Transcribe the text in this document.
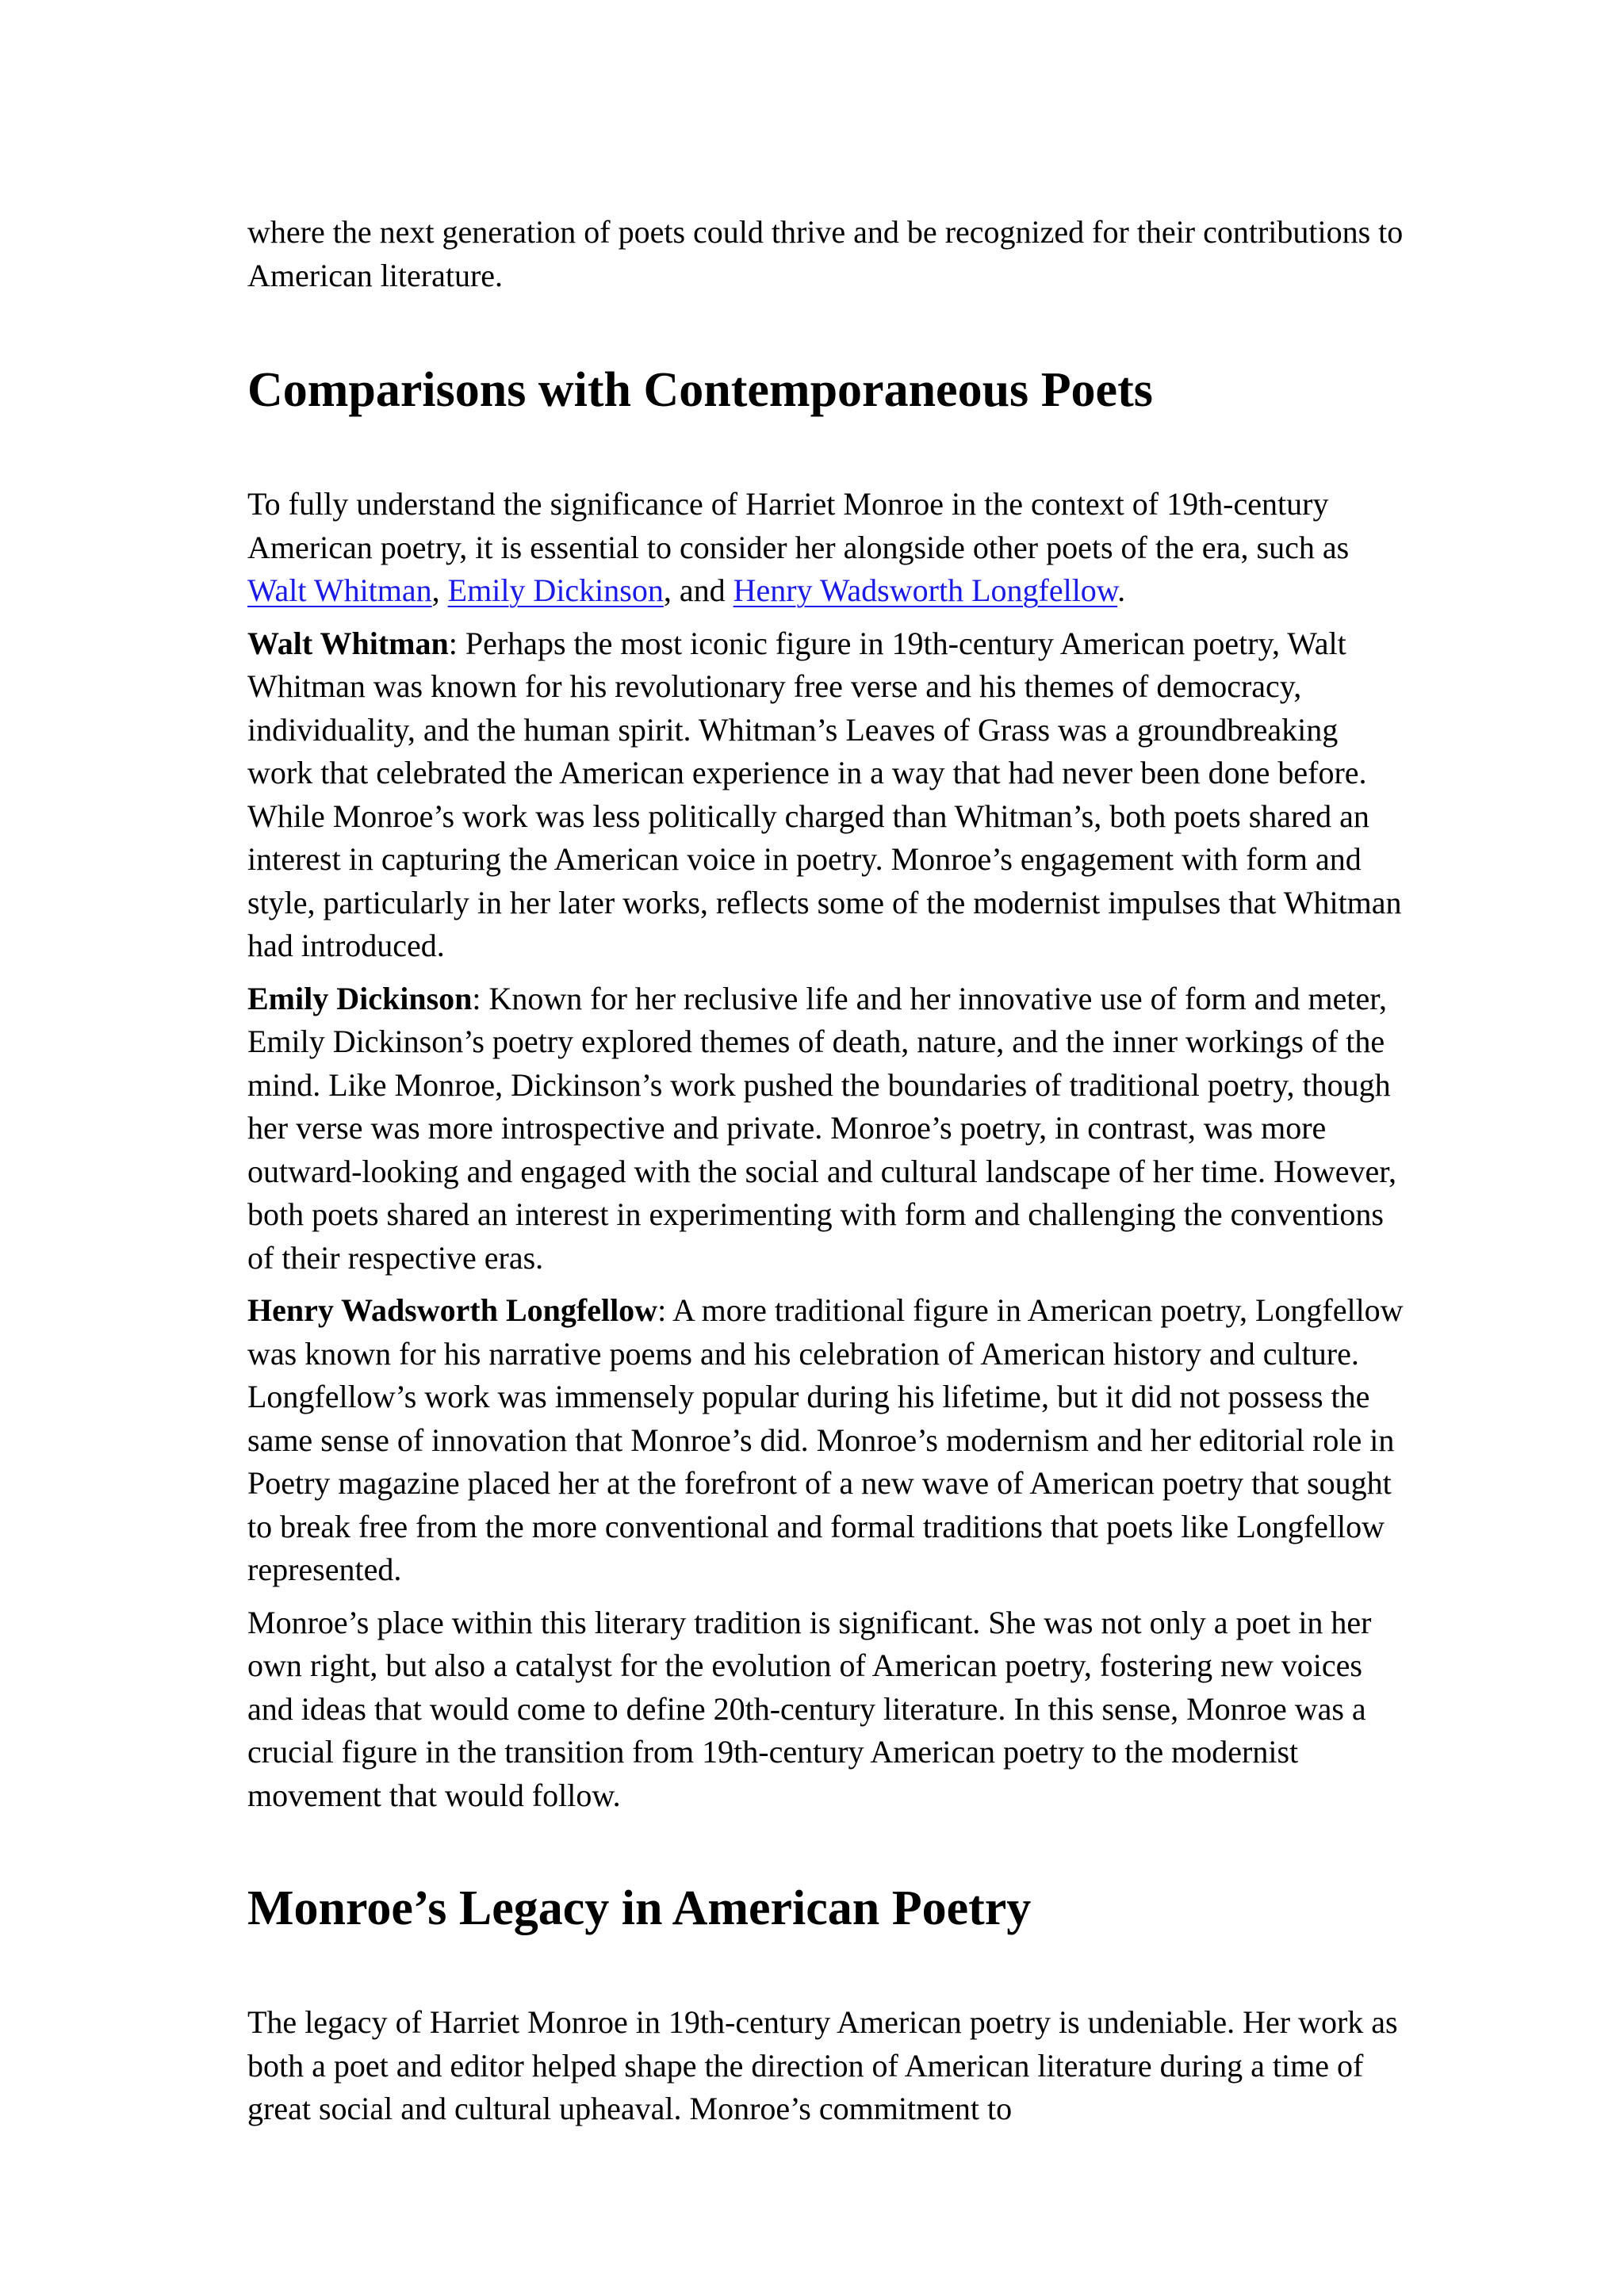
where the next generation of poets could thrive and be recognized for their contributions to American literature.

Comparisons with Contemporaneous Poets

To fully understand the significance of Harriet Monroe in the context of 19th-century American poetry, it is essential to consider her alongside other poets of the era, such as Walt Whitman, Emily Dickinson, and Henry Wadsworth Longfellow.

Walt Whitman: Perhaps the most iconic figure in 19th-century American poetry, Walt Whitman was known for his revolutionary free verse and his themes of democracy, individuality, and the human spirit. Whitman’s Leaves of Grass was a groundbreaking work that celebrated the American experience in a way that had never been done before. While Monroe’s work was less politically charged than Whitman’s, both poets shared an interest in capturing the American voice in poetry. Monroe’s engagement with form and style, particularly in her later works, reflects some of the modernist impulses that Whitman had introduced.

Emily Dickinson: Known for her reclusive life and her innovative use of form and meter, Emily Dickinson’s poetry explored themes of death, nature, and the inner workings of the mind. Like Monroe, Dickinson’s work pushed the boundaries of traditional poetry, though her verse was more introspective and private. Monroe’s poetry, in contrast, was more outward-looking and engaged with the social and cultural landscape of her time. However, both poets shared an interest in experimenting with form and challenging the conventions of their respective eras.

Henry Wadsworth Longfellow: A more traditional figure in American poetry, Longfellow was known for his narrative poems and his celebration of American history and culture. Longfellow’s work was immensely popular during his lifetime, but it did not possess the same sense of innovation that Monroe’s did. Monroe’s modernism and her editorial role in Poetry magazine placed her at the forefront of a new wave of American poetry that sought to break free from the more conventional and formal traditions that poets like Longfellow represented.

Monroe’s place within this literary tradition is significant. She was not only a poet in her own right, but also a catalyst for the evolution of American poetry, fostering new voices and ideas that would come to define 20th-century literature. In this sense, Monroe was a crucial figure in the transition from 19th-century American poetry to the modernist movement that would follow.

Monroe’s Legacy in American Poetry

The legacy of Harriet Monroe in 19th-century American poetry is undeniable. Her work as both a poet and editor helped shape the direction of American literature during a time of great social and cultural upheaval. Monroe’s commitment to
